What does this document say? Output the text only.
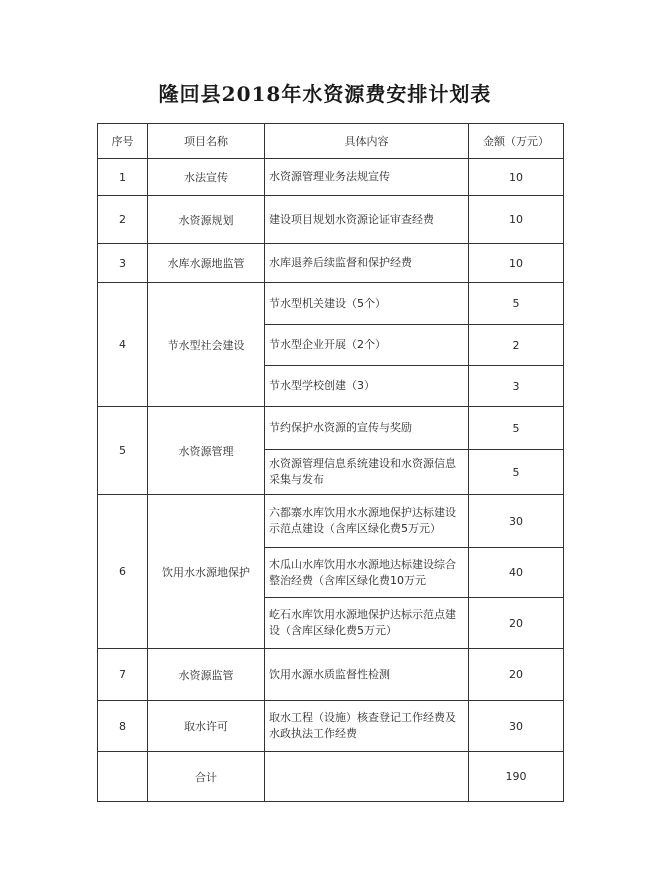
隆回县2018年水资源费安排计划表
序号	项目名称	具体内容	金额（万元）
1	水法宣传	水资源管理业务法规宣传	10
2	水资源规划	建设项目规划水资源论证审查经费	10
3	水库水源地监管	水库退养后续监督和保护经费	10
4	节水型社会建设	节水型机关建设（5个）	5
		节水型企业开展（2个）	2
		节水型学校创建（3）	3
5	水资源管理	节约保护水资源的宣传与奖励	5
		水资源管理信息系统建设和水资源信息采集与发布	5
6	饮用水水源地保护	六都寨水库饮用水水源地保护达标建设示范点建设（含库区绿化费5万元）	30
		木瓜山水库饮用水水源地达标建设综合整治经费（含库区绿化费10万元	40
		屹石水库饮用水源地保护达标示范点建设（含库区绿化费5万元）	20
7	水资源监管	饮用水源水质监督性检测	20
8	取水许可	取水工程（设施）核查登记工作经费及水政执法工作经费	30
	合计		190
